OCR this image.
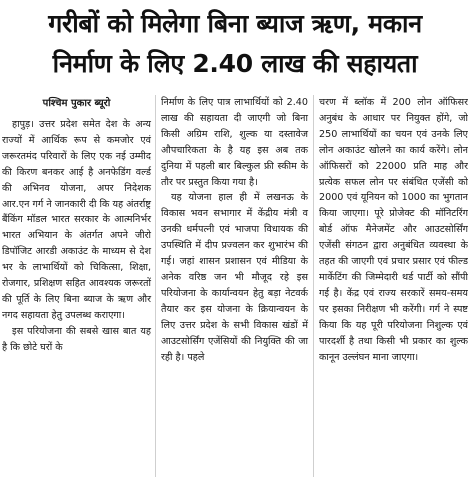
गरीबों को मिलेगा बिना ब्याज ऋण, मकान
निर्माण के लिए 2.40 लाख की सहायता
पश्चिम पुकार ब्यूरो

हापुड़। उत्तर प्रदेश समेत देश के अन्य राज्यों में आर्थिक रूप से कमजोर एवं जरूरतमंद परिवारों के लिए एक नई उम्मीद की किरण बनकर आई है अनफेडिंग वर्ल्ड की अभिनव योजना, अपर निदेशक आर.एन गर्ग ने जानकारी दी कि यह अंतर्राष्ट्र बैंकिंग मॉडल भारत सरकार के आत्मनिर्भर भारत अभियान के अंतर्गत अपने जीरो डिपॉजिट आरडी अकाउंट के माध्यम से देश भर के लाभार्थियों को चिकित्सा, शिक्षा, रोजगार, प्रशिक्षण सहित आवश्यक जरूरतों की पूर्ति के लिए बिना ब्याज के ऋण और नगद सहायता हेतु उपलब्ध कराएगा।

इस परियोजना की सबसे खास बात यह है कि छोटे घरों के

निर्माण के लिए पात्र लाभार्थियों को 2.40 लाख की सहायता दी जाएगी जो बिना किसी अग्रिम राशि, शुल्क या दस्तावेज औपचारिकता के है यह इस अब तक दुनिया में पहली बार बिल्कुल फ्री स्कीम के तौर पर प्रस्तुत किया गया है।

यह योजना हाल ही में लखनऊ के विकास भवन सभागार में केंद्रीय मंत्री व उनकी धर्मपत्नी एवं भाजपा विधायक की उपस्थिति में दीप प्रज्वलन कर शुभारंभ की गई। जहां शासन प्रशासन एवं मीडिया के अनेक वरिष्ठ जन भी मौजूद रहे इस परियोजना के कार्यान्वयन हेतु बड़ा नेटवर्क तैयार कर इस योजना के क्रियान्वयन के लिए उत्तर प्रदेश के सभी विकास खंडों में आउटसोर्सिंग एजेंसियों की नियुक्ति की जा रही है। पहले

चरण में ब्लॉक में 200 लोन ऑफिसर अनुबंध के आधार पर नियुक्त होंगे, जो 250 लाभार्थियों का चयन एवं उनके लिए लोन अकाउंट खोलने का कार्य करेंगे। लोन ऑफिसरों को 22000 प्रति माह और प्रत्येक सफल लोन पर संबंधित एजेंसी को 2000 एवं यूनियन को 1000 का भुगतान किया जाएगा। पूरे प्रोजेक्ट की मॉनिटरिंग बोर्ड ऑफ मैनेजमेंट और आउटसोर्सिंग एजेंसी संगठन द्वारा अनुबंधित व्यवस्था के तहत की जाएगी एवं प्रचार प्रसार एवं फील्ड मार्केटिंग की जिम्मेदारी थर्ड पार्टी को सौंपी गई है। केंद्र एवं राज्य सरकारें समय-समय पर इसका निरीक्षण भी करेंगी। गर्ग ने स्पष्ट किया कि यह पूरी परियोजना निशुल्क एवं पारदर्शी है तथा किसी भी प्रकार का शुल्क कानून उल्लंघन माना जाएगा।
